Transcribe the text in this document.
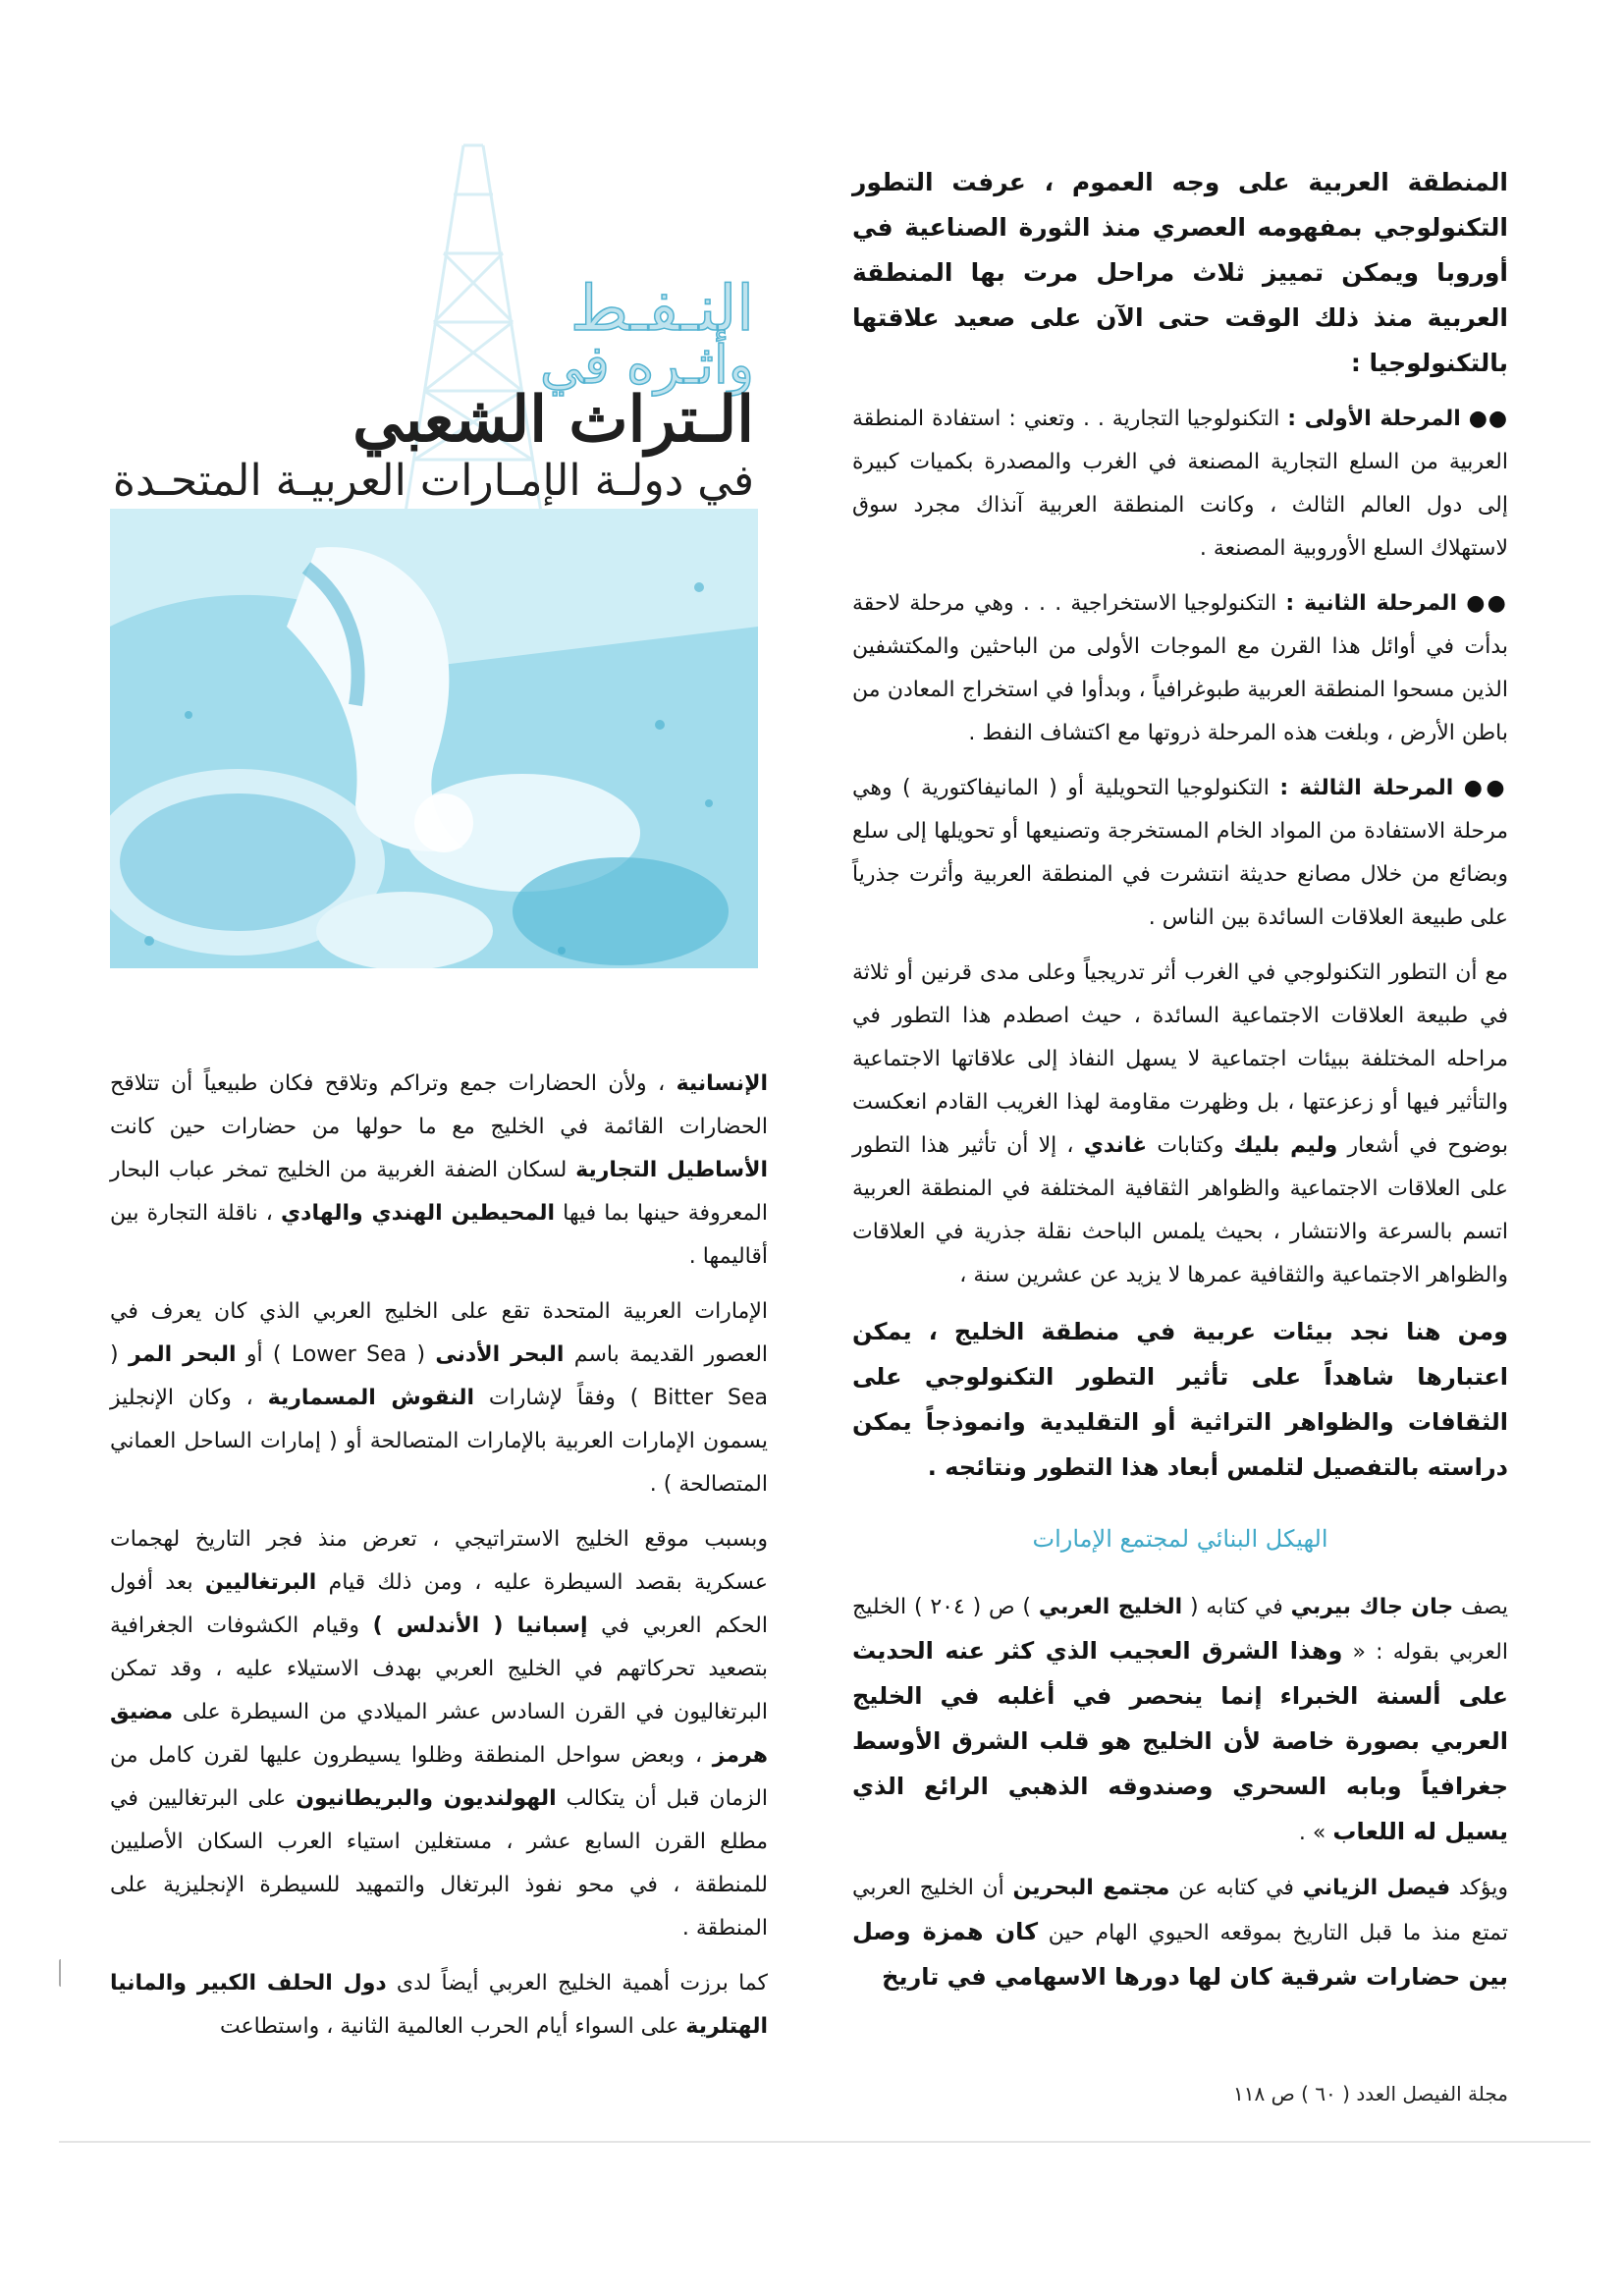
النـفـط
وأثـره في
الـتراث الشعبي
في دولـة الإمـارات العربيـة المتحـدة

المنطقة العربية على وجه العموم ، عرفت التطور التكنولوجي بمفهومه العصري منذ الثورة الصناعية في أوروبا ويمكن تمييز ثلاث مراحل مرت بها المنطقة العربية منذ ذلك الوقت حتى الآن على صعيد علاقتها بالتكنولوجيا :

●● المرحلة الأولى : التكنولوجيا التجارية . . وتعني : استفادة المنطقة العربية من السلع التجارية المصنعة في الغرب والمصدرة بكميات كبيرة إلى دول العالم الثالث ، وكانت المنطقة العربية آنذاك مجرد سوق لاستهلاك السلع الأوروبية المصنعة .

●● المرحلة الثانية : التكنولوجيا الاستخراجية . . . وهي مرحلة لاحقة بدأت في أوائل هذا القرن مع الموجات الأولى من الباحثين والمكتشفين الذين مسحوا المنطقة العربية طبوغرافياً ، وبدأوا في استخراج المعادن من باطن الأرض ، وبلغت هذه المرحلة ذروتها مع اكتشاف النفط .

●● المرحلة الثالثة : التكنولوجيا التحويلية أو ( المانيفاكتورية ) وهي مرحلة الاستفادة من المواد الخام المستخرجة وتصنيعها أو تحويلها إلى سلع وبضائع من خلال مصانع حديثة انتشرت في المنطقة العربية وأثرت جذرياً على طبيعة العلاقات السائدة بين الناس .

مع أن التطور التكنولوجي في الغرب أثر تدريجياً وعلى مدى قرنين أو ثلاثة في طبيعة العلاقات الاجتماعية السائدة ، حيث اصطدم هذا التطور في مراحله المختلفة ببيئات اجتماعية لا يسهل النفاذ إلى علاقاتها الاجتماعية والتأثير فيها أو زعزعتها ، بل وظهرت مقاومة لهذا الغريب القادم انعكست بوضوح في أشعار وليم بليك وكتابات غاندي ، إلا أن تأثير هذا التطور على العلاقات الاجتماعية والظواهر الثقافية المختلفة في المنطقة العربية اتسم بالسرعة والانتشار ، بحيث يلمس الباحث نقلة جذرية في العلاقات والظواهر الاجتماعية والثقافية عمرها لا يزيد عن عشرين سنة ،

ومن هنا نجد بيئات عربية في منطقة الخليج ، يمكن اعتبارها شاهداً على تأثير التطور التكنولوجي على الثقافات والظواهر التراثية أو التقليدية وانموذجاً يمكن دراسته بالتفصيل لتلمس أبعاد هذا التطور ونتائجه .

الهيكل البنائي لمجتمع الإمارات

يصف جان جاك بيربي في كتابه ( الخليج العربي ) ص ( ٢٠٤ ) الخليج العربي بقوله : « وهذا الشرق العجيب الذي كثر عنه الحديث على ألسنة الخبراء إنما ينحصر في أغلبه في الخليج العربي بصورة خاصة لأن الخليج هو قلب الشرق الأوسط جغرافياً وبابه السحري وصندوقه الذهبي الرائع الذي يسيل له اللعاب » .

ويؤكد فيصل الزياني في كتابه عن مجتمع البحرين أن الخليج العربي تمتع منذ ما قبل التاريخ بموقعه الحيوي الهام حين كان همزة وصل بين حضارات شرقية كان لها دورها الاسهامي في تاريخ

الإنسانية ، ولأن الحضارات جمع وتراكم وتلاقح فكان طبيعياً أن تتلاقح الحضارات القائمة في الخليج مع ما حولها من حضارات حين كانت الأساطيل التجارية لسكان الضفة الغربية من الخليج تمخر عباب البحار المعروفة حينها بما فيها المحيطين الهندي والهادي ، ناقلة التجارة بين أقاليمها .

الإمارات العربية المتحدة تقع على الخليج العربي الذي كان يعرف في العصور القديمة باسم البحر الأدنى ( Lower Sea ) أو البحر المر ( Bitter Sea ) وفقاً لإشارات النقوش المسمارية ، وكان الإنجليز يسمون الإمارات العربية بالإمارات المتصالحة أو ( إمارات الساحل العماني المتصالحة ) .

وبسبب موقع الخليج الاستراتيجي ، تعرض منذ فجر التاريخ لهجمات عسكرية بقصد السيطرة عليه ، ومن ذلك قيام البرتغاليين بعد أفول الحكم العربي في إسبانيا ( الأندلس ) وقيام الكشوفات الجغرافية بتصعيد تحركاتهم في الخليج العربي بهدف الاستيلاء عليه ، وقد تمكن البرتغاليون في القرن السادس عشر الميلادي من السيطرة على مضيق هرمز ، وبعض سواحل المنطقة وظلوا يسيطرون عليها لقرن كامل من الزمان قبل أن يتكالب الهولنديون والبريطانيون على البرتغاليين في مطلع القرن السابع عشر ، مستغلين استياء العرب السكان الأصليين للمنطقة ، في محو نفوذ البرتغال والتمهيد للسيطرة الإنجليزية على المنطقة .

كما برزت أهمية الخليج العربي أيضاً لدى دول الحلف الكبير والمانيا الهتلرية على السواء أيام الحرب العالمية الثانية ، واستطاعت

مجلة الفيصل العدد ( ٦٠ ) ص ١١٨
